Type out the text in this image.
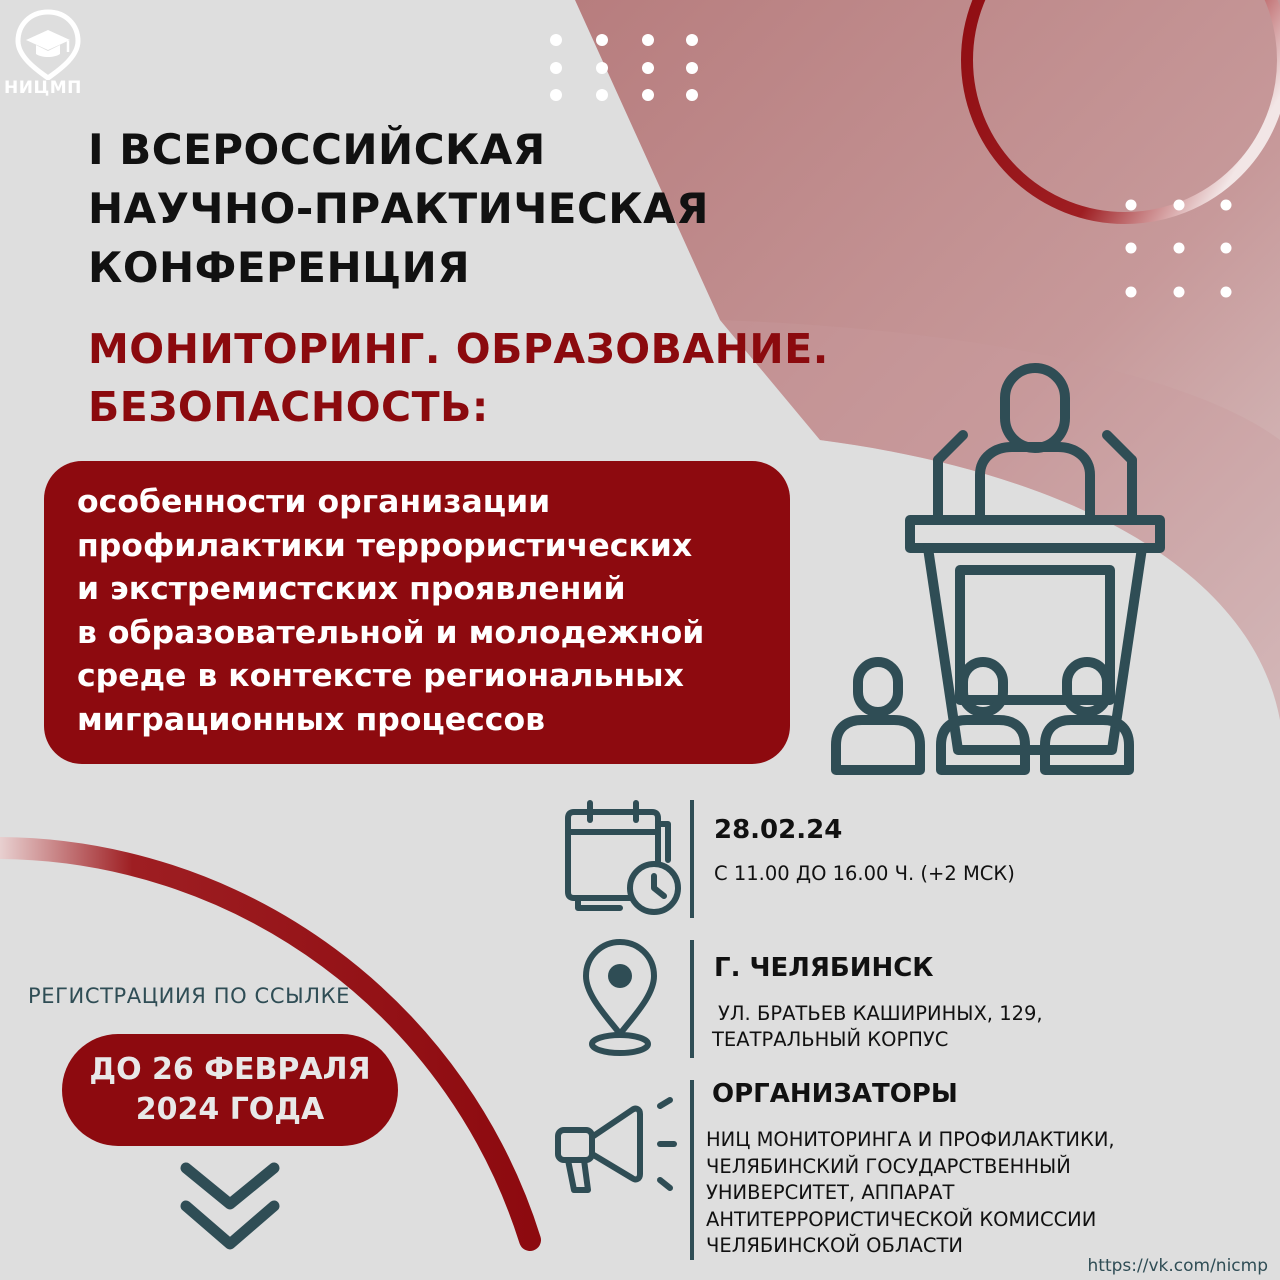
НИЦМП
I ВСЕРОССИЙСКАЯ
НАУЧНО-ПРАКТИЧЕСКАЯ
КОНФЕРЕНЦИЯ
МОНИТОРИНГ. ОБРАЗОВАНИЕ.
БЕЗОПАСНОСТЬ:
особенности организации
профилактики террористических
и экстремистских проявлений
в образовательной и молодежной
среде в контексте региональных
миграционных процессов
28.02.24
С 11.00 ДО 16.00 Ч. (+2 МСК)
Г. ЧЕЛЯБИНСК
УЛ. БРАТЬЕВ КАШИРИНЫХ, 129,
ТЕАТРАЛЬНЫЙ КОРПУС
ОРГАНИЗАТОРЫ
НИЦ МОНИТОРИНГА И ПРОФИЛАКТИКИ,
ЧЕЛЯБИНСКИЙ ГОСУДАРСТВЕННЫЙ
УНИВЕРСИТЕТ, АППАРАТ
АНТИТЕРРОРИСТИЧЕСКОЙ КОМИССИИ
ЧЕЛЯБИНСКОЙ ОБЛАСТИ
РЕГИСТРАЦИИЯ ПО ССЫЛКЕ
ДО 26 ФЕВРАЛЯ
2024 ГОДА
https://vk.com/nicmp
